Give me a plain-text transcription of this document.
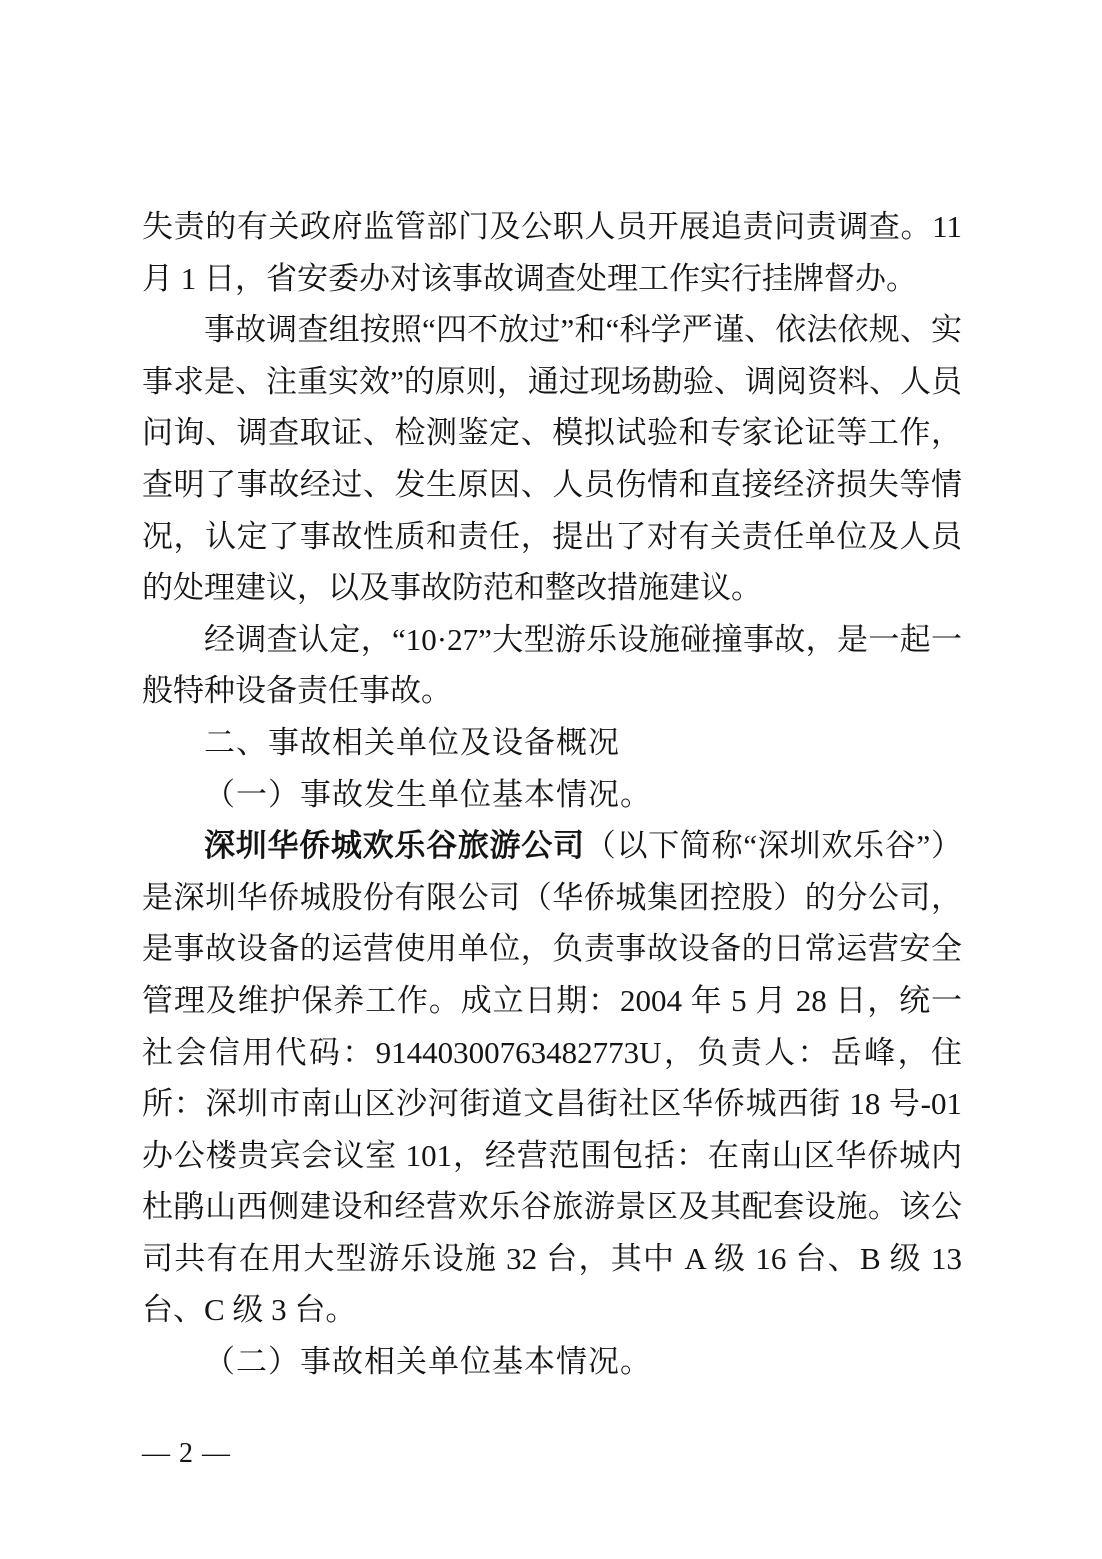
失责的有关政府监管部门及公职人员开展追责问责调查。11 月 1 日，省安委办对该事故调查处理工作实行挂牌督办。

事故调查组按照“四不放过”和“科学严谨、依法依规、实事求是、注重实效”的原则，通过现场勘验、调阅资料、人员问询、调查取证、检测鉴定、模拟试验和专家论证等工作，查明了事故经过、发生原因、人员伤情和直接经济损失等情况，认定了事故性质和责任，提出了对有关责任单位及人员的处理建议，以及事故防范和整改措施建议。

经调查认定，“10·27”大型游乐设施碰撞事故，是一起一般特种设备责任事故。

二、事故相关单位及设备概况
（一）事故发生单位基本情况。

深圳华侨城欢乐谷旅游公司（以下简称“深圳欢乐谷”）是深圳华侨城股份有限公司（华侨城集团控股）的分公司，是事故设备的运营使用单位，负责事故设备的日常运营安全管理及维护保养工作。成立日期：2004 年 5 月 28 日，统一社会信用代码：91440300763482773U，负责人：岳峰，住所：深圳市南山区沙河街道文昌街社区华侨城西街 18 号-01 办公楼贵宾会议室 101，经营范围包括：在南山区华侨城内杜鹃山西侧建设和经营欢乐谷旅游景区及其配套设施。该公司共有在用大型游乐设施 32 台，其中 A 级 16 台、B 级 13 台、C 级 3 台。

（二）事故相关单位基本情况。
— 2 —
